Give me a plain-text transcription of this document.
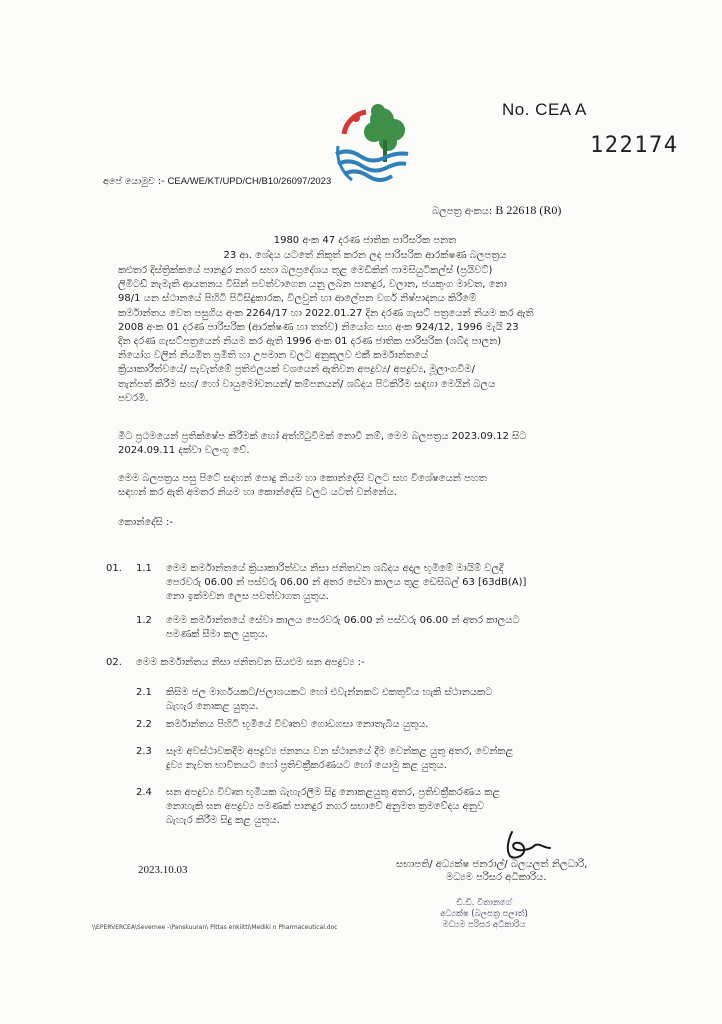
No. CEA A
122174
අපේ යොමුව :- CEA/WE/KT/UPD/CH/B10/26097/2023
බලපත්‍ර අංකය: B 22618 (R0)
1980 අංක 47 දරණ ජාතික පාරිසරික පනත
23 ආ. ශේදය යටතේ නිකුත් කරන ලද පාරිසරික ආරක්ෂණ බලපත්‍රය
කළුතර දිස්ත්‍රික්කයේ පානදුර නගර සභා බලප්‍රදේශය තුළ මෙඩිකින් ෆාමසියුටිකල්ස් (ප්‍රයිවට්)
ලිමිටඩ් නැමැති ආයතනය විසින් පවත්වාගෙන යනු ලබන පානදුර, වලාන, ජයකුංග මාවත, නො
98/1 යන ස්ථානයේ පිහිටි පිටිසිදුකාරක, විලවුන් හා ආලේපන වර්ග නිෂ්පාදනය කිරීමේ
කර්මාන්තය වෙත පසුගිය අංක 2264/17 හා 2022.01.27 දින දරණ ගැසට් පත්‍රයෙන් නියම කර ඇති
2008 අංක 01 දරණ පාරිසරික (ආරක්ෂණ හා තත්ව) නියෝග සහ අංක 924/12, 1996 මැයි 23
දින දරණ ගැසට්පත්‍රයෙන් නියම කර ඇති 1996 අංක 01 දරණ ජාතික පාරිසරික (ශබ්ද පාලන)
නියෝග වලින් නියමිත ප්‍රමිති හා උපමාන වලට අනුකූලව එකී කර්මාන්තයේ
ක්‍රියාකාරීත්වයේ/ පැවැත්මේ ප්‍රතිඵලයක් වශයෙන් ඇතිවන අපද්‍රව්‍ය/ අපද්‍රව්‍ය, මූලාංගවීම/
තැන්පත් කිරීම සහ/ හෝ වායුමෝචනයන්/ කම්පනයන්/ ශබ්දය පිටකිරීම සඳහා මෙයින් බලය
පවරමි.
මීට ප්‍රථමයෙන් ප්‍රතික්ෂේප කිරීමක් හෝ අත්හිටුවීමක් නොවී නම්, මෙම බලපත්‍රය 2023.09.12 සිට
2024.09.11 දක්වා වලංගු වේ.
මෙම බලපත්‍රය පසු පිටේ සඳහන් පොදු නියම හා කොන්දේසි වලට සහ විශේෂයෙන් පහත
සඳහන් කර ඇති අමතර නියම හා කොන්දේසි වලට යටත් වන්නේය.
කොන්දේසි :-
01. 1.1 මෙම කර්මාන්තයේ ක්‍රියාකාරිත්වය නිසා ජනිතවන ශබ්දය අදාල භූමිමේ මායිම් වලදී
පෙරවරු 06.00 න් පස්වරු 06.00 න් අතර සේවා කාලය තුළ ඩෙසිබල් 63 [63dB(A)]
නො ඉක්මවන ලෙස පවත්වාගත යුතුය.
1.2 මෙම කර්මාන්තයේ සේවා කාලය පෙරවරු 06.00 න් පස්වරු 06.00 න් අතර කාලයට
පමණක් සීමා කල යුතුය.
02. මෙම කර්මාන්තය නිසා ජනිතවන සියළුම ඝන අපද්‍රව්‍ය :-
2.1 කිසිම ජල මාර්ගයකට/ජලාශයකට හෝ එවැන්නකට එකතුවිය හැකි ස්ථානයකට
බැහැර නොකළ යුතුය.
2.2 කර්මාන්තය පිහිටි භූමියේ විවෘතව ගොඩගසා නොතැබිය යුතුය.
2.3 සෑම අවස්ථාවකදීම අපද්‍රව්‍ය ජනනය වන ස්ථානයේ දීම වෙන්කළ යුතු අතර, වෙන්කළ
ද්‍රව්‍ය නැවත භාවිතයට හෝ ප්‍රතිචක්‍රීකරණයට හෝ යොමු කළ යුතුය.
2.4 ඝන අපද්‍රව්‍ය විවෘත භූමියක බැහැරලීම සිදු නොකළයුතු අතර, ප්‍රතිචක්‍රීකරණය කළ
නොහැකි ඝන අපද්‍රව්‍ය පමණක් පානදුර නගර සභාවේ අනුමත ක්‍රමවේදය අනුව
බැහැර කිරීම සිදු කළ යුතුය.
2023.10.03	සභාපති/ අධ්‍යක්ෂ ජනරාල්/ බලයලත් නිලධාරි,
මධ්‍යම පරිසර අධිකාරිය.
ඩී.ඩී. විතානගේ
අධ්‍යක්ෂ (බලපත්‍ර පලාත්)
මධ්‍යම පරිසර අධිකාරිය
\\EPERVERCEA\Severnee -\Panskuuran\ Pittas enkiitti\Mediki n Pharmaceutical.doc
